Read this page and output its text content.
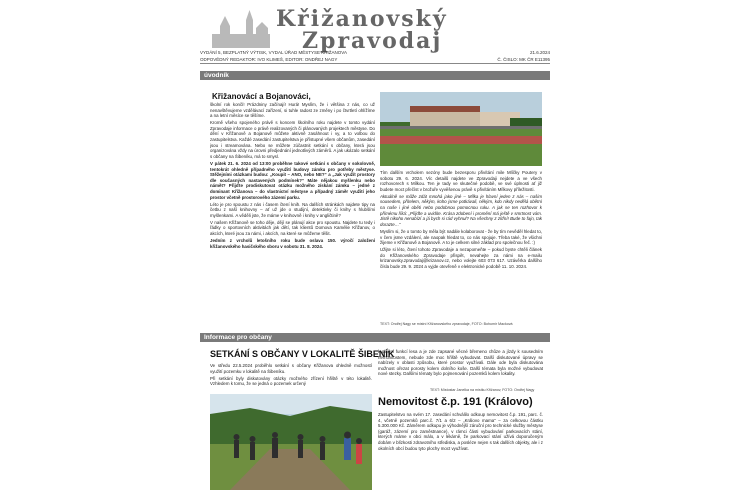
Křižanovský
Zpravodaj
VYDÁNÍ 5, BEZPLATNÝ VÝTISK, VYDAL ÚŘAD MĚSTYSE KŘIŽANOVA	21.6.2024
ODPOVĚDNÝ REDAKTOR: IVO KLIMEŠ, EDITOR: ONDŘEJ NAGY	Č. ČISLO: MK ČR E11395
úvodník
Křižanovácí a Bojanováci,

školní rok končí! Prázdniny začínají! Hurá! Myslím, že i většina z nás, co už nenavštěvujeme vzdělávací zařízení, si tuhle radost ze změny i po čtvrtletí ohlížíme a na letní měsíce se těšíme.

Kromě všeho spojeného právě s koncem školního roku najdete v tomto vydání Zpravodaje informace o právě realizovaných či plánovaných projektech městyse. Do dění v Křižanově a Bojanově můžete aktivně zasáhnout i vy, a to volbou do zastupitelstva. Každé zasedání zastupitelstva je přístupné všem občanům, zasedání jsou i streamována. Nebo se můžete zúčastnit setkání s občany, která jsou organizována vždy na úrovni předjednání jednotlivých záměrů. A jak ukázalo setkání s občany na Šibeníku, má to smysl.

V pátek 21. 6. 2024 od 13:00 proběhne takové setkání s občany v sokolovně, tentokrát ohledně případného využití budovy zámku pro potřeby městyse. Stěžejními otázkami budou: „Koupit – ANO, nebo NE?“ a „Jak využít prostory dle současných nastavených podmínek?“ Máte nějakou myšlenku nebo námět? Přijďte prodiskutovat otázku možného získání zámku – jedné z dominant Křižanova – do vlastnictví městyse a případný záměr využití jeho prostor včetně prostorového zázemí parku.

Léto je pro spoustu z nás i časem čtení knih. Na dalších stránkách najdete tipy na četbu z naší knihovny – ať už jde o studijní, detektivky či knihy s hlubšími myšlenkami. A věděli jste, že máme v knihovně i knihy v angličtině?

V našem Křižanově se toho děje, dějí se plánují akce pro spoustu. Najdete tu tedy i řádky o sportovních aktivitách jak dětí, tak klientů Domova Kamélie Křižanov, o akcích, které jsou za námi, i akcích, na které se můžeme těšit.

Jedním z vrcholů letošního roku bude oslava 150. výročí založení křižanovského hasičského sboru v sobotu 31. 8. 2024.

Tím dalším vrcholem sezóny bude bezesporu přivítání mile Mlíčky Poutery v sobotu 29. 6. 2024. Víc detailů najdete ve Zpravodaji nejdete a ve všech rozhovorech s Mílkou. Ten je tady ve skutečné podobě, ve své úplnosti ať již budete moct přečíst v brožuře vyvěšenou právě s přivítáním Mílkovy příležitosti.

Aktuálně se může zdát mnohá jako jiné – Mílka je hlavní jeden z nás – našim sousedem, přítelem, někým, koho jsme potkávali, někým, kdo nikdy nedělá obětní na naše i jiné oběti nebo podobnou pomocnou ruku. A jak se ten rozhovor k přímému říká: „Přijďte a uvidíte. Krása zdobení i promění má ještě v smrtnost vám. Jistě nikoho nenabízí a já bych si rád vyhnul? Na všechny z zítřní! Bude to fajn, tak dorazte…“

Myslím si, že o tomto by měla být nadále kolaborovat - že by tím nevěděl hledat to, v čem jsme vzdálení, ale naopak hledat to, co nás spojuje. Třeba také, že všichni žijeme v Křižanově a Bojanově. A to je celkem silné základ pro společnou řeč. :)

Užijte si léto, čtení tohoto Zpravodaje a nezapomeňte – pokud byste chtěli článek do Křižanovského Zpravodaje přispět, nevahejte za námi na e-mailu krizanovsky.zpravodaj@krizanov.cz, nebo volejte 603 073 617. Uzávěrka dalšího čísla bude 29. 9. 2024 a vyjde otevřeně v elektronické podobě 11. 10. 2024.

TEXT: Ondřej Nagy se místní Křižanovského zpravodaje, FOTO: Bohumír Macková
Informace pro občany
SETKÁNÍ S OBČANY V LOKALITĚ ŠIBENÍK

Ve středu 22.5.2024 proběhlo setkání s občany Křižanova ohledně možností využití pozemku v lokalitě na Šibeníku.

Při setkání byly diskutovány otázky možného zřízení hřiště v této lokalitě. Vzhledem k tomu, že se jedná o pozemek určený

k plnění funkcí lesa a je zde zapsané věcné břemeno chůze a jízdy k sousedním nemovitostem, nebude zde moc hřiště vybudovat. Další diskutované úpravy se nabízely v oblasti způsobu, které prostor využívali. Dále ode byla diskutována možnost ořezat porosty kolem dolního koše. Další témata byla možné vybudovat nové stezky. Dalšími tématy bylo pojmenování pozemků kolem lokality.

TEXT: Místostar Janelka na místku Křižanov, FOTO: Ondřej Nagy
Nemovitost č.p. 191 (Královo)

Zastupitelstvo na svém 17. zasedání schválilo odkoup nemovitost č.p. 191, parc. č. 4, včetně pozemků parc.č. 7/1 a 6/2 – „Královo mama“ – za celkovou částku 5.300.000 Kč. Záměrem odkupu je výhodnější záruční pro technické služby městyse (garáž, zázemí pro zaměstnance), v rámci části vybudování parkovacích stání, kterých máme v obci málo, a v lékárně, že parkovací stání užívá doporučeným dobám v blízkosti zdravotního střediska, a posléze nejen s tak dalších objekty, ale i z okolních obcí budou tyto plochy moct využívat.
